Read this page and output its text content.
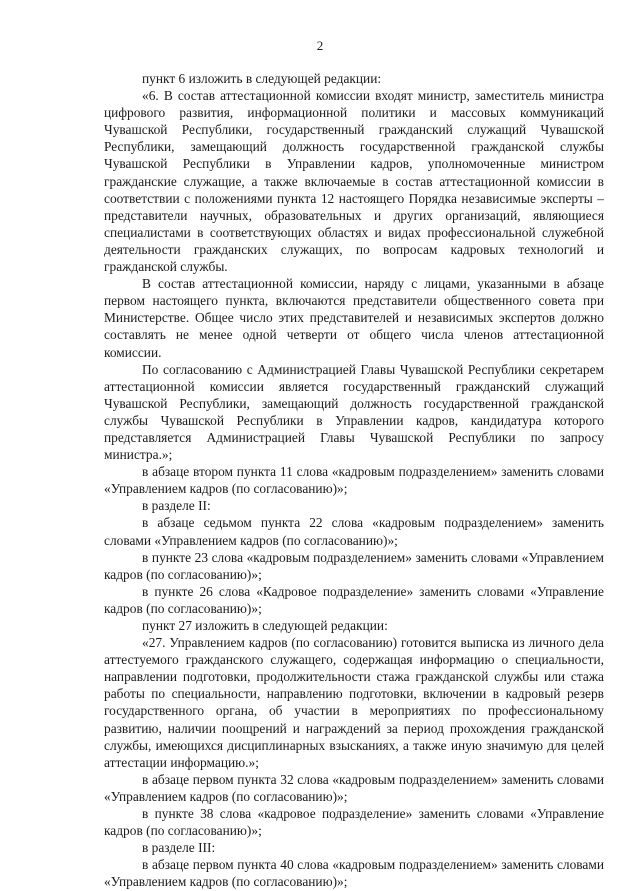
2

пункт 6 изложить в следующей редакции:

«6. В состав аттестационной комиссии входят министр, заместитель министра цифрового развития, информационной политики и массовых коммуникаций Чувашской Республики, государственный гражданский служащий Чувашской Республики, замещающий должность государственной гражданской службы Чувашской Республики в Управлении кадров, уполномоченные министром гражданские служащие, а также включаемые в состав аттестационной комиссии в соответствии с положениями пункта 12 настоящего Порядка независимые эксперты – представители научных, образовательных и других организаций, являющиеся специалистами в соответствующих областях и видах профессиональной служебной деятельности гражданских служащих, по вопросам кадровых технологий и гражданской службы.

В состав аттестационной комиссии, наряду с лицами, указанными в абзаце первом настоящего пункта, включаются представители общественного совета при Министерстве. Общее число этих представителей и независимых экспертов должно составлять не менее одной четверти от общего числа членов аттестационной комиссии.

По согласованию с Администрацией Главы Чувашской Республики секретарем аттестационной комиссии является государственный гражданский служащий Чувашской Республики, замещающий должность государственной гражданской службы Чувашской Республики в Управлении кадров, кандидатура которого представляется Администрацией Главы Чувашской Республики по запросу министра.»;

в абзаце втором пункта 11 слова «кадровым подразделением» заменить словами «Управлением кадров (по согласованию)»;

в разделе II:

в абзаце седьмом пункта 22 слова «кадровым подразделением» заменить словами «Управлением кадров (по согласованию)»;

в пункте 23 слова «кадровым подразделением» заменить словами «Управлением кадров (по согласованию)»;

в пункте 26 слова «Кадровое подразделение» заменить словами «Управление кадров (по согласованию)»;

пункт 27 изложить в следующей редакции:

«27. Управлением кадров (по согласованию) готовится выписка из личного дела аттестуемого гражданского служащего, содержащая информацию о специальности, направлении подготовки, продолжительности стажа гражданской службы или стажа работы по специальности, направлению подготовки, включении в кадровый резерв государственного органа, об участии в мероприятиях по профессиональному развитию, наличии поощрений и награждений за период прохождения гражданской службы, имеющихся дисциплинарных взысканиях, а также иную значимую для целей аттестации информацию.»;

в абзаце первом пункта 32 слова «кадровым подразделением» заменить словами «Управлением кадров (по согласованию)»;

в пункте 38 слова «кадровое подразделение» заменить словами «Управление кадров (по согласованию)»;

в разделе III:

в абзаце первом пункта 40 слова «кадровым подразделением» заменить словами «Управлением кадров (по согласованию)»;
